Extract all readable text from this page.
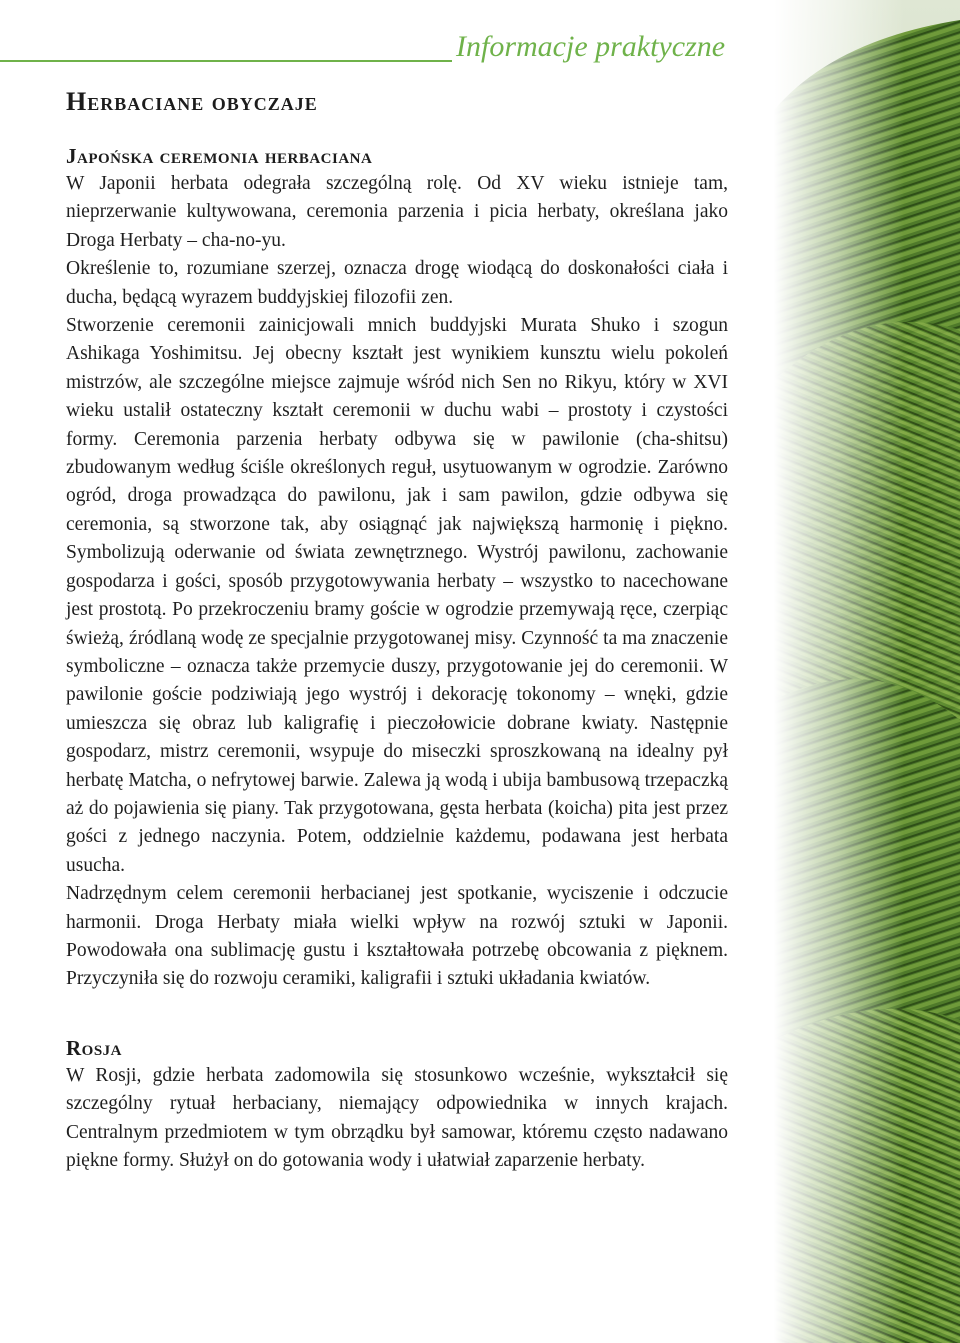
Informacje praktyczne
Herbaciane obyczaje
Japońska ceremonia herbaciana

W Japonii herbata odegrała szczególną rolę. Od XV wieku istnieje tam, nieprzerwanie kultywowana, ceremonia parzenia i picia herbaty, określana jako Droga Herbaty – cha-no-yu.

Określenie to, rozumiane szerzej, oznacza drogę wiodącą do doskonałości ciała i ducha, będącą wyrazem buddyjskiej filozofii zen.

Stworzenie ceremonii zainicjowali mnich buddyjski Murata Shuko i szogun Ashikaga Yoshimitsu. Jej obecny kształt jest wynikiem kunsztu wielu pokoleń mistrzów, ale szczególne miejsce zajmuje wśród nich Sen no Rikyu, który w XVI wieku ustalił ostateczny kształt ceremonii w duchu wabi – prostoty i czystości formy. Ceremonia parzenia herbaty odbywa się w pawilonie (cha-shitsu) zbudowanym według ściśle określonych reguł, usytuowanym w ogrodzie. Zarówno ogród, droga prowadząca do pawilonu, jak i sam pawilon, gdzie odbywa się ceremonia, są stworzone tak, aby osiągnąć jak największą harmonię i piękno. Symbolizują oderwanie od świata zewnętrznego. Wystrój pawilonu, zachowanie gospodarza i gości, sposób przygotowywania herbaty – wszystko to nacechowane jest prostotą. Po przekroczeniu bramy goście w ogrodzie przemywają ręce, czerpiąc świeżą, źródlaną wodę ze specjalnie przygotowanej misy. Czynność ta ma znaczenie symboliczne – oznacza także przemycie duszy, przygotowanie jej do ceremonii. W pawilonie goście podziwiają jego wystrój i dekorację tokonomy – wnęki, gdzie umieszcza się obraz lub kaligrafię i pieczołowicie dobrane kwiaty. Następnie gospodarz, mistrz ceremonii, wsypuje do miseczki sproszkowaną na idealny pył herbatę Matcha, o nefrytowej barwie. Zalewa ją wodą i ubija bambusową trzepaczką aż do pojawienia się piany. Tak przygotowana, gęsta herbata (koicha) pita jest przez gości z jednego naczynia. Potem, oddzielnie każdemu, podawana jest herbata usucha.

Nadrzędnym celem ceremonii herbacianej jest spotkanie, wyciszenie i odczucie harmonii. Droga Herbaty miała wielki wpływ na rozwój sztuki w Japonii. Powodowała ona sublimację gustu i kształtowała potrzebę obcowania z pięknem. Przyczyniła się do rozwoju ceramiki, kaligrafii i sztuki układania kwiatów.

Rosja

W Rosji, gdzie herbata zadomowila się stosunkowo wcześnie, wykształcił się szczególny rytuał herbaciany, niemający odpowiednika w innych krajach. Centralnym przedmiotem w tym obrządku był samowar, któremu często nadawano piękne formy. Służył on do gotowania wody i ułatwiał zaparzenie herbaty.
